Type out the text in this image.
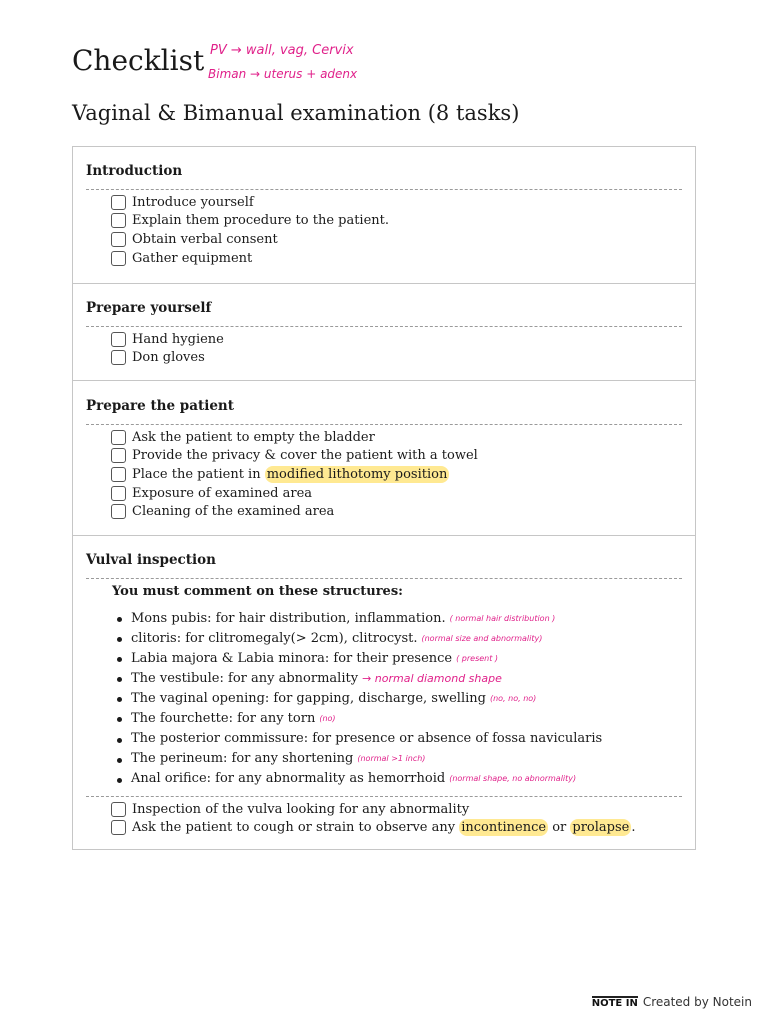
Checklist PV → wall, vag, Cervix
Biman → uterus + adenx
Vaginal & Bimanual examination (8 tasks)
Introduction
Introduce yourself
Explain them procedure to the patient.
Obtain verbal consent
Gather equipment
Prepare yourself
Hand hygiene
Don gloves
Prepare the patient
Ask the patient to empty the bladder
Provide the privacy & cover the patient with a towel
Place the patient in modified lithotomy position
Exposure of examined area
Cleaning of the examined area
Vulval inspection
You must comment on these structures:
Mons pubis: for hair distribution, inflammation. ( normal hair distribution )
clitoris: for clitromegaly(> 2cm), clitrocyst. (normal size and abnormality)
Labia majora & Labia minora: for their presence ( present )
The vestibule: for any abnormality → normal diamond shape
The vaginal opening: for gapping, discharge, swelling (no, no, no)
The fourchette: for any torn (no)
The posterior commissure: for presence or absence of fossa navicularis
The perineum: for any shortening (normal >1 inch)
Anal orifice: for any abnormality as hemorrhoid (normal shape, no abnormality)
Inspection of the vulva looking for any abnormality
Ask the patient to cough or strain to observe any incontinence or prolapse .
NOTE IN Created by Notein
